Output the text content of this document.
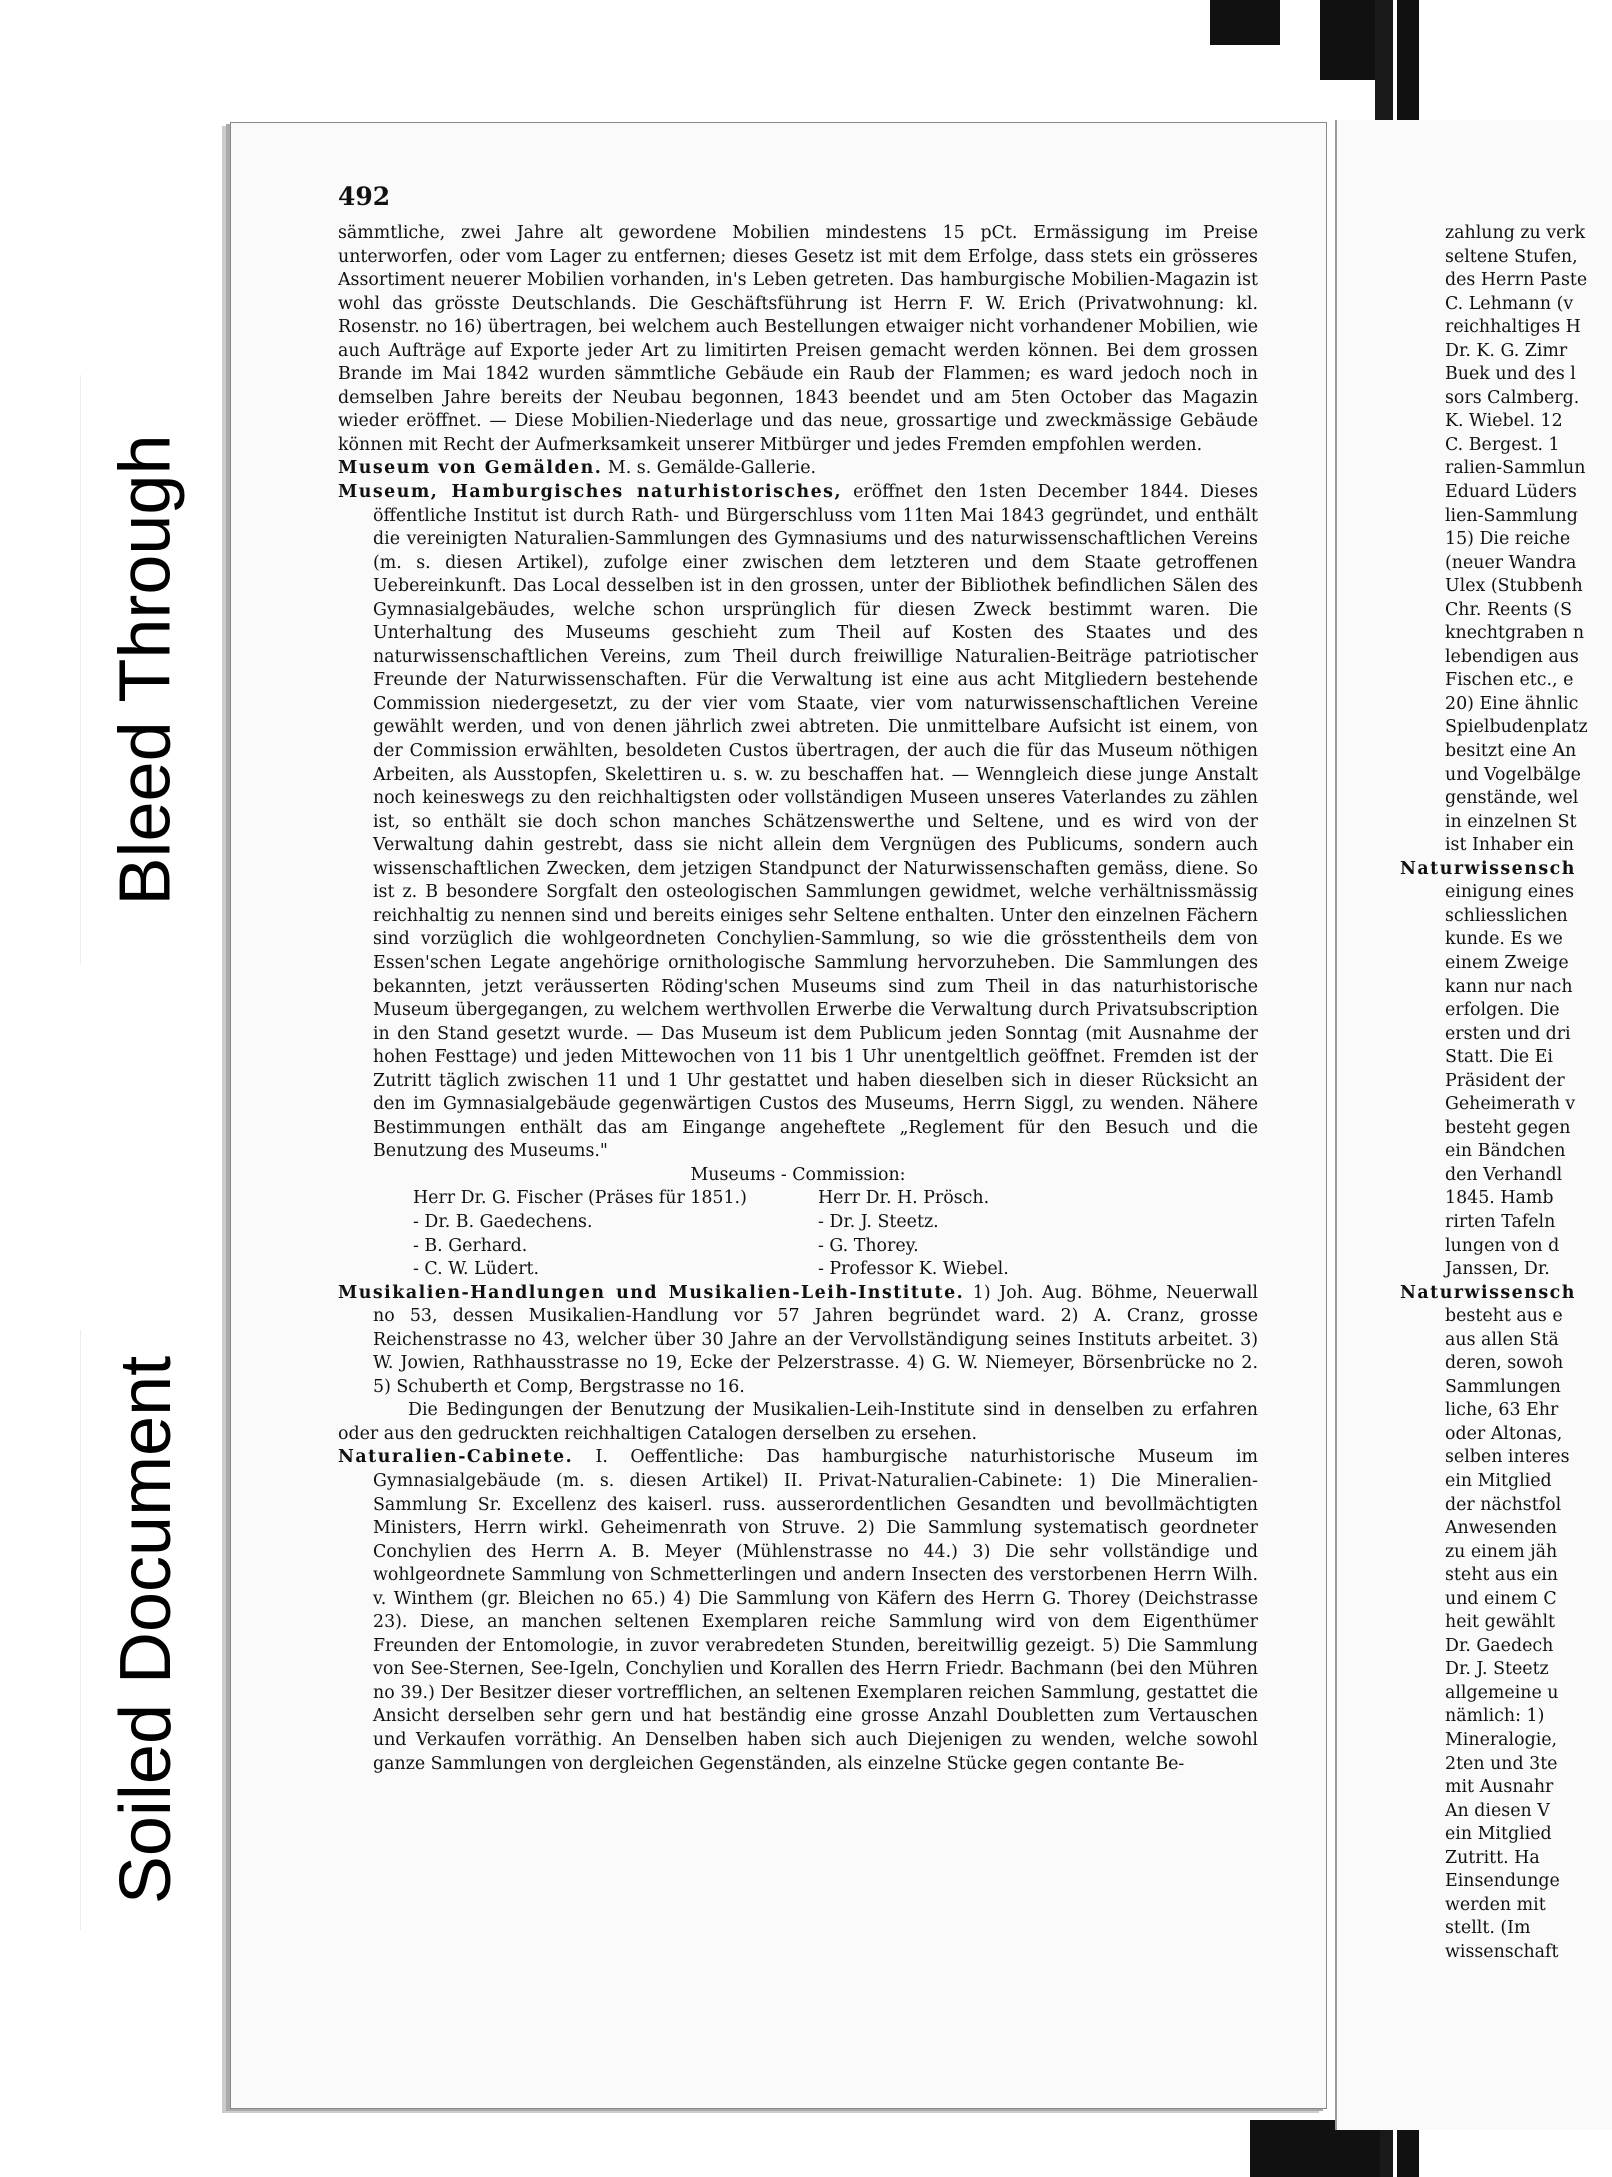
Bleed Through
Soiled Document
492

sämmtliche, zwei Jahre alt gewordene Mobilien mindestens 15 pCt. Ermässigung im Preise unterworfen, oder vom Lager zu entfernen; dieses Gesetz ist mit dem Erfolge, dass stets ein grösseres Assortiment neuerer Mobilien vorhanden, in's Leben getreten. Das hamburgische Mobilien-Magazin ist wohl das grösste Deutschlands. Die Geschäftsführung ist Herrn F. W. Erich (Privatwohnung: kl. Rosenstr. no 16) übertragen, bei welchem auch Bestellungen etwaiger nicht vorhandener Mobilien, wie auch Aufträge auf Exporte jeder Art zu limitirten Preisen gemacht werden können. Bei dem grossen Brande im Mai 1842 wurden sämmtliche Gebäude ein Raub der Flammen; es ward jedoch noch in demselben Jahre bereits der Neubau begonnen, 1843 beendet und am 5ten October das Magazin wieder eröffnet. — Diese Mobilien-Niederlage und das neue, grossartige und zweckmässige Gebäude können mit Recht der Aufmerksamkeit unserer Mitbürger und jedes Fremden empfohlen werden.

Museum von Gemälden. M. s. Gemälde-Gallerie.

Museum, Hamburgisches naturhistorisches, eröffnet den 1sten December 1844. Dieses öffentliche Institut ist durch Rath- und Bürgerschluss vom 11ten Mai 1843 gegründet, und enthält die vereinigten Naturalien-Sammlungen des Gymnasiums und des naturwissenschaftlichen Vereins (m. s. diesen Artikel), zufolge einer zwischen dem letzteren und dem Staate getroffenen Uebereinkunft. Das Local desselben ist in den grossen, unter der Bibliothek befindlichen Sälen des Gymnasialgebäudes, welche schon ursprünglich für diesen Zweck bestimmt waren. Die Unterhaltung des Museums geschieht zum Theil auf Kosten des Staates und des naturwissenschaftlichen Vereins, zum Theil durch freiwillige Naturalien-Beiträge patriotischer Freunde der Naturwissenschaften. Für die Verwaltung ist eine aus acht Mitgliedern bestehende Commission niedergesetzt, zu der vier vom Staate, vier vom naturwissenschaftlichen Vereine gewählt werden, und von denen jährlich zwei abtreten. Die unmittelbare Aufsicht ist einem, von der Commission erwählten, besoldeten Custos übertragen, der auch die für das Museum nöthigen Arbeiten, als Ausstopfen, Skelettiren u. s. w. zu beschaffen hat. — Wenngleich diese junge Anstalt noch keineswegs zu den reichhaltigsten oder vollständigen Museen unseres Vaterlandes zu zählen ist, so enthält sie doch schon manches Schätzenswerthe und Seltene, und es wird von der Verwaltung dahin gestrebt, dass sie nicht allein dem Vergnügen des Publicums, sondern auch wissenschaftlichen Zwecken, dem jetzigen Standpunct der Naturwissenschaften gemäss, diene. So ist z. B besondere Sorgfalt den osteologischen Sammlungen gewidmet, welche verhältnissmässig reichhaltig zu nennen sind und bereits einiges sehr Seltene enthalten. Unter den einzelnen Fächern sind vorzüglich die wohlgeordneten Conchylien-Sammlung, so wie die grösstentheils dem von Essen'schen Legate angehörige ornithologische Sammlung hervorzuheben. Die Sammlungen des bekannten, jetzt veräusserten Röding'schen Museums sind zum Theil in das naturhistorische Museum übergegangen, zu welchem werthvollen Erwerbe die Verwaltung durch Privatsubscription in den Stand gesetzt wurde. — Das Museum ist dem Publicum jeden Sonntag (mit Ausnahme der hohen Festtage) und jeden Mittewochen von 11 bis 1 Uhr unentgeltlich geöffnet. Fremden ist der Zutritt täglich zwischen 11 und 1 Uhr gestattet und haben dieselben sich in dieser Rücksicht an den im Gymnasialgebäude gegenwärtigen Custos des Museums, Herrn Siggl, zu wenden. Nähere Bestimmungen enthält das am Eingange angeheftete „Reglement für den Besuch und die Benutzung des Museums."

Museums - Commission:
Herr Dr. G. Fischer (Präses für 1851.)	Herr Dr. H. Prösch.
- Dr. B. Gaedechens.	- Dr. J. Steetz.
- B. Gerhard.	- G. Thorey.
- C. W. Lüdert.	- Professor K. Wiebel.

Musikalien-Handlungen und Musikalien-Leih-Institute. 1) Joh. Aug. Böhme, Neuerwall no 53, dessen Musikalien-Handlung vor 57 Jahren begründet ward. 2) A. Cranz, grosse Reichenstrasse no 43, welcher über 30 Jahre an der Vervollständigung seines Instituts arbeitet. 3) W. Jowien, Rathhausstrasse no 19, Ecke der Pelzerstrasse. 4) G. W. Niemeyer, Börsenbrücke no 2. 5) Schuberth et Comp, Bergstrasse no 16.

Die Bedingungen der Benutzung der Musikalien-Leih-Institute sind in denselben zu erfahren oder aus den gedruckten reichhaltigen Catalogen derselben zu ersehen.

Naturalien-Cabinete. I. Oeffentliche: Das hamburgische naturhistorische Museum im Gymnasialgebäude (m. s. diesen Artikel) II. Privat-Naturalien-Cabinete: 1) Die Mineralien-Sammlung Sr. Excellenz des kaiserl. russ. ausserordentlichen Gesandten und bevollmächtigten Ministers, Herrn wirkl. Geheimenrath von Struve. 2) Die Sammlung systematisch geordneter Conchylien des Herrn A. B. Meyer (Mühlenstrasse no 44.) 3) Die sehr vollständige und wohlgeordnete Sammlung von Schmetterlingen und andern Insecten des verstorbenen Herrn Wilh. v. Winthem (gr. Bleichen no 65.) 4) Die Sammlung von Käfern des Herrn G. Thorey (Deichstrasse 23). Diese, an manchen seltenen Exemplaren reiche Sammlung wird von dem Eigenthümer Freunden der Entomologie, in zuvor verabredeten Stunden, bereitwillig gezeigt. 5) Die Sammlung von See-Sternen, See-Igeln, Conchylien und Korallen des Herrn Friedr. Bachmann (bei den Mühren no 39.) Der Besitzer dieser vortrefflichen, an seltenen Exemplaren reichen Sammlung, gestattet die Ansicht derselben sehr gern und hat beständig eine grosse Anzahl Doubletten zum Vertauschen und Verkaufen vorräthig. An Denselben haben sich auch Diejenigen zu wenden, welche sowohl ganze Sammlungen von dergleichen Gegenständen, als einzelne Stücke gegen contante Be-

zahlung zu verk

seltene Stufen,

des Herrn Paste

C. Lehmann (v

reichhaltiges H

Dr. K. G. Zimr

Buek und des l

sors Calmberg.

K. Wiebel. 12

C. Bergest. 1

ralien-Sammlun

Eduard Lüders

lien-Sammlung

15) Die reiche

(neuer Wandra

Ulex (Stubbenh

Chr. Reents (S

knechtgraben n

lebendigen aus

Fischen etc., e

20) Eine ähnlic

Spielbudenplatz

besitzt eine An

und Vogelbälge

genstände, wel

in einzelnen St

ist Inhaber ein

Naturwissensch

einigung eines

schliesslichen

kunde. Es we

einem Zweige

kann nur nach

erfolgen. Die

ersten und dri

Statt. Die Ei

Präsident der

Geheimerath v

besteht gegen

ein Bändchen

den Verhandl

1845. Hamb

rirten Tafeln

lungen von d

Janssen, Dr.

Naturwissensch

besteht aus e

aus allen Stä

deren, sowoh

Sammlungen

liche, 63 Ehr

oder Altonas,

selben interes

ein Mitglied

der nächstfol

Anwesenden

zu einem jäh

steht aus ein

und einem C

heit gewählt

Dr. Gaedech

Dr. J. Steetz

allgemeine u

nämlich: 1)

Mineralogie,

2ten und 3te

mit Ausnahr

An diesen V

ein Mitglied

Zutritt. Ha

Einsendunge

werden mit

stellt. (Im

wissenschaft
